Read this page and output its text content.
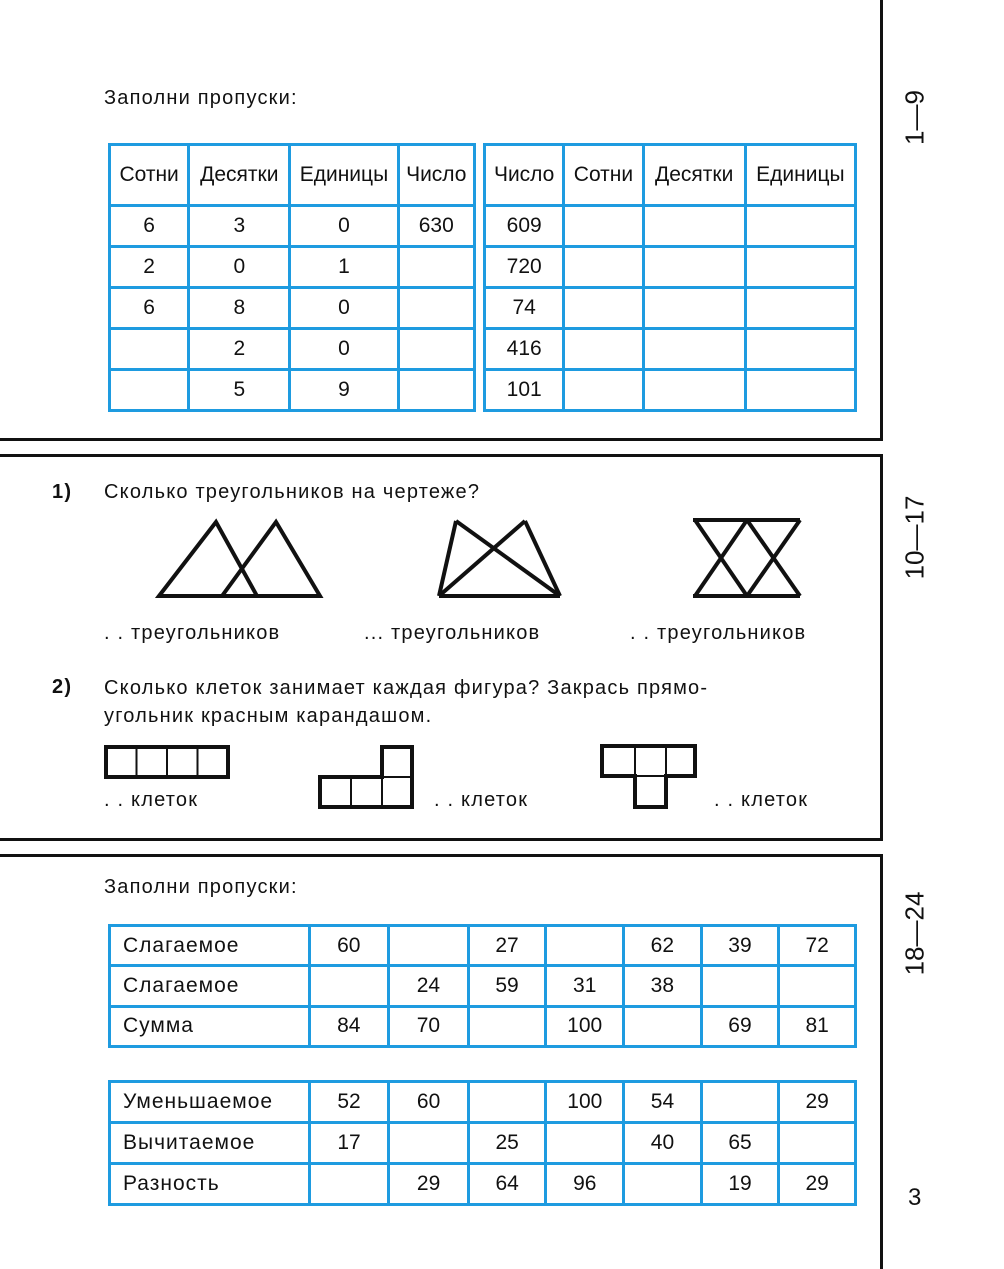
1—9
10—17
18—24
3
Заполни пропуски:
Сотни	Десятки	Единицы	Число
6	3	0	630
2	0	1	
6	8	0	
	2	0	
	5	9	
Число	Сотни	Десятки	Единицы
609			
720			
74			
416			
101			
1) Сколько треугольников на чертеже?
. . треугольников	... треугольников	. . треугольников
2) Сколько клеток занимает каждая фигура? Закрась прямо-
угольник красным карандашом.
. . клеток	. . клеток	. . клеток
Заполни пропуски:
Слагаемое	60		27		62	39	72
Слагаемое		24	59	31	38		
Сумма	84	70		100		69	81
Уменьшаемое	52	60		100	54		29
Вычитаемое	17		25		40	65	
Разность		29	64	96		19	29
